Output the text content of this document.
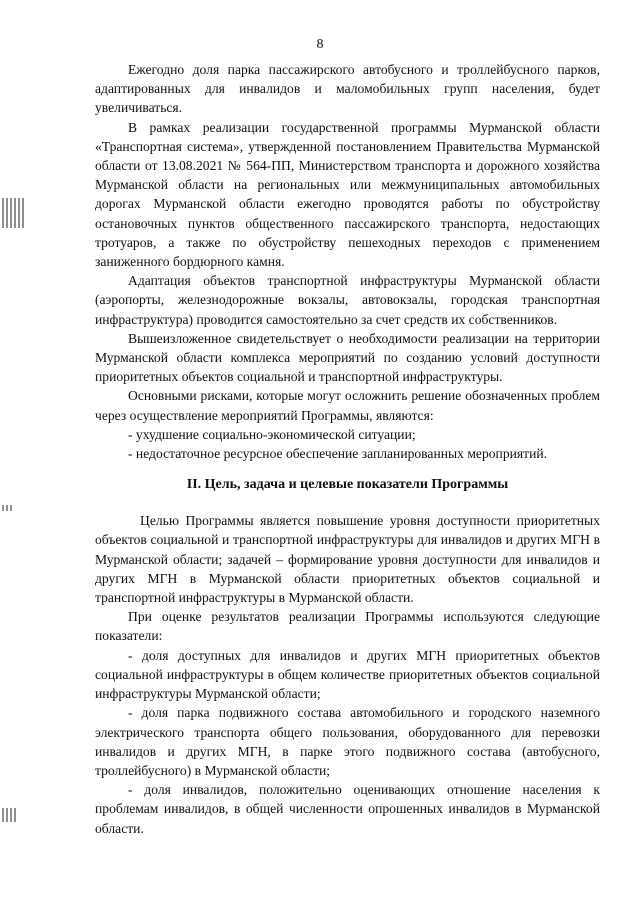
8

Ежегодно доля парка пассажирского автобусного и троллейбусного парков, адаптированных для инвалидов и маломобильных групп населения, будет увеличиваться.

В рамках реализации государственной программы Мурманской области «Транспортная система», утвержденной постановлением Правительства Мурманской области от 13.08.2021 № 564-ПП, Министерством транспорта и дорожного хозяйства Мурманской области на региональных или межмуниципальных автомобильных дорогах Мурманской области ежегодно проводятся работы по обустройству остановочных пунктов общественного пассажирского транспорта, недостающих тротуаров, а также по обустройству пешеходных переходов с применением заниженного бордюрного камня.

Адаптация объектов транспортной инфраструктуры Мурманской области (аэропорты, железнодорожные вокзалы, автовокзалы, городская транспортная инфраструктура) проводится самостоятельно за счет средств их собственников.

Вышеизложенное свидетельствует о необходимости реализации на территории Мурманской области комплекса мероприятий по созданию условий доступности приоритетных объектов социальной и транспортной инфраструктуры.

Основными рисками, которые могут осложнить решение обозначенных проблем через осуществление мероприятий Программы, являются:

- ухудшение социально-экономической ситуации;

- недостаточное ресурсное обеспечение запланированных мероприятий.

II. Цель, задача и целевые показатели Программы

Целью Программы является повышение уровня доступности приоритетных объектов социальной и транспортной инфраструктуры для инвалидов и других МГН в Мурманской области; задачей – формирование уровня доступности для инвалидов и других МГН в Мурманской области приоритетных объектов социальной и транспортной инфраструктуры в Мурманской области.

При оценке результатов реализации Программы используются следующие показатели:

- доля доступных для инвалидов и других МГН приоритетных объектов социальной инфраструктуры в общем количестве приоритетных объектов социальной инфраструктуры Мурманской области;

- доля парка подвижного состава автомобильного и городского наземного электрического транспорта общего пользования, оборудованного для перевозки инвалидов и других МГН, в парке этого подвижного состава (автобусного, троллейбусного) в Мурманской области;

- доля инвалидов, положительно оценивающих отношение населения к проблемам инвалидов, в общей численности опрошенных инвалидов в Мурманской области.
